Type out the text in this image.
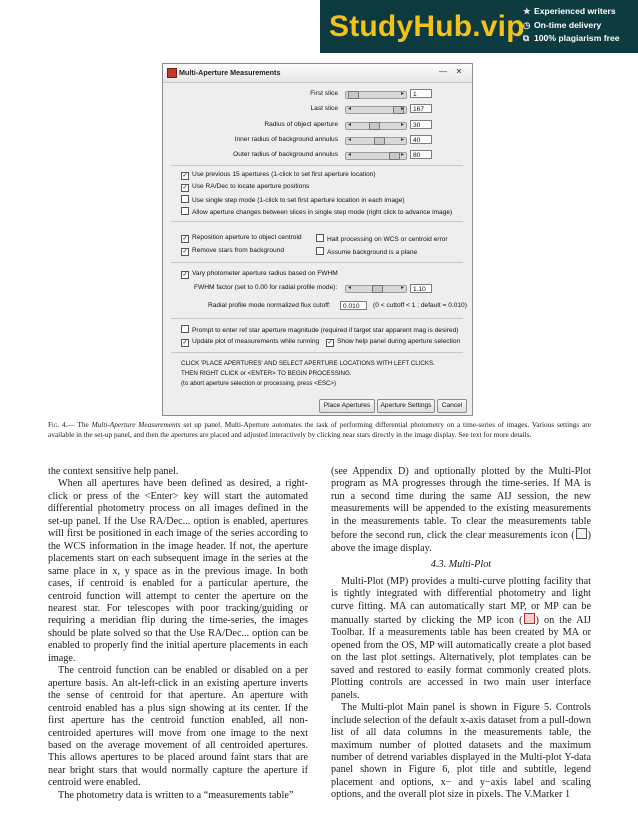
StudyHub.vip
★ Experienced writers
◷ On-time delivery
⧉ 100% plagiarism free
Multi-Aperture Measurements	—	✕
First slice	▸	1
Last slice ◂	▸	167
Radius of object aperture ◂	▸	30
Inner radius of background annulus ◂	▸	40
Outer radius of background annulus ◂	▸	80
✓ Use previous 15 apertures (1-click to set first aperture location)
✓ Use RA/Dec to locate aperture positions
Use single step mode (1-click to set first aperture location in each image)
Allow aperture changes between slices in single step mode (right click to advance image)
✓ Reposition aperture to object centroid
✓ Remove stars from background
Halt processing on WCS or centroid error
Assume background is a plane
✓ Vary photometer aperture radius based on FWHM
FWHM factor (set to 0.00 for radial profile mode): ◂	▸	1.10
Radial profile mode normalized flux cutoff:	0.010	(0 < cuttoff < 1 ; default = 0.010)
Prompt to enter ref star aperture magnitude (required if target star apparent mag is desired)
✓ Update plot of measurements while running ✓ Show help panel during aperture selection
CLICK 'PLACE APERTURES' AND SELECT APERTURE LOCATIONS WITH LEFT CLICKS.
THEN RIGHT CLICK or <ENTER> TO BEGIN PROCESSING.
(to abort aperture selection or processing, press <ESC>)
Place Apertures	Aperture Settings	Cancel
Fig. 4.— The Multi-Aperture Measurements set up panel. Multi-Aperture automates the task of performing differential photometry on a time-series of images. Various settings are available in the set-up panel, and then the apertures are placed and adjusted interactively by clicking near stars directly in the image display. See text for more details.

the context sensitive help panel.

When all apertures have been defined as desired, a right-click or press of the <Enter> key will start the automated differential photometry process on all images defined in the set-up panel. If the Use RA/Dec... option is enabled, apertures will first be positioned in each image of the series according to the WCS information in the image header. If not, the aperture placements start on each subsequent image in the series at the same place in x, y space as in the previous image. In both cases, if centroid is enabled for a particular aperture, the centroid function will attempt to center the aperture on the nearest star. For telescopes with poor tracking/guiding or requiring a meridian flip during the time-series, the images should be plate solved so that the Use RA/Dec... option can be enabled to properly find the initial aperture placements in each image.

The centroid function can be enabled or disabled on a per aperture basis. An alt-left-click in an existing aperture inverts the sense of centroid for that aperture. An aperture with centroid enabled has a plus sign showing at its center. If the first aperture has the centroid function enabled, all non-centroided apertures will move from one image to the next based on the average movement of all centroided apertures. This allows apertures to be placed around faint stars that are near bright stars that would normally capture the aperture if centroid were enabled.

The photometry data is written to a “measurements table”

(see Appendix D) and optionally plotted by the Multi-Plot program as MA progresses through the time-series. If MA is run a second time during the same AIJ session, the new measurements will be appended to the existing measurements in the measurements table. To clear the measurements table before the second run, click the clear measurements icon ( ) above the image display.

4.3. Multi-Plot

Multi-Plot (MP) provides a multi-curve plotting facility that is tightly integrated with differential photometry and light curve fitting. MA can automatically start MP, or MP can be manually started by clicking the MP icon ( ) on the AIJ Toolbar. If a measurements table has been created by MA or opened from the OS, MP will automatically create a plot based on the last plot settings. Alternatively, plot templates can be saved and restored to easily format commonly created plots. Plotting controls are accessed in two main user interface panels.

The Multi-plot Main panel is shown in Figure 5. Controls include selection of the default x-axis dataset from a pull-down list of all data columns in the measurements table, the maximum number of plotted datasets and the maximum number of detrend variables displayed in the Multi-plot Y-data panel shown in Figure 6, plot title and subtitle, legend placement and options, x− and y−axis label and scaling options, and the overall plot size in pixels. The V.Marker 1
